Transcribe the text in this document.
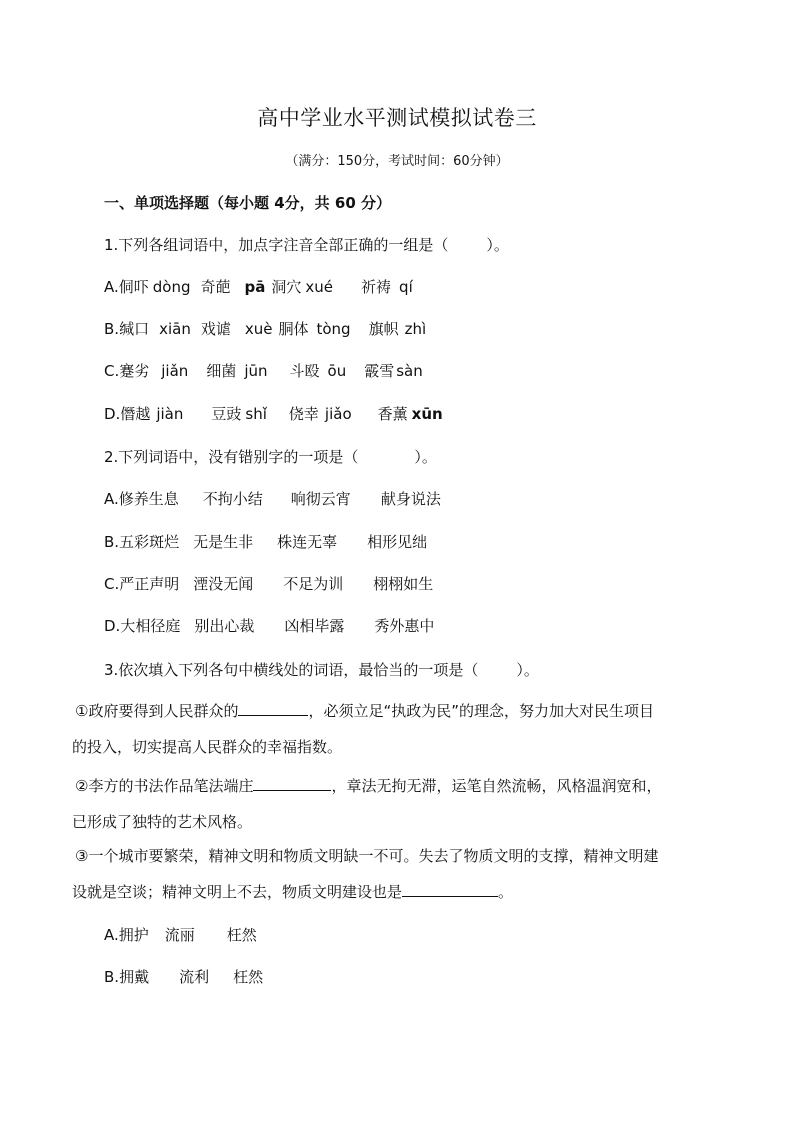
高中学业水平测试模拟试卷三
（满分：150分，考试时间：60分钟）
一、单项选择题（每小题 4分，共 60 分）
1.下列各组词语中，加点字注音全部正确的一组是（	）。
A.侗吓 dòng 奇葩 pā 洞穴 xué 祈祷 qí
B.缄口 xiān 戏谑 xuè 胴体 tòng 旗帜 zhì
C.蹇劣 jiǎn 细菌 jūn 斗殴 ōu 霰雪 sàn
D.僭越 jiàn 豆豉 shǐ 侥幸 jiǎo 香薰 xūn
2.下列词语中，没有错别字的一项是（	）。
A.修养生息 不拘小结 响彻云宵 献身说法
B.五彩斑烂 无是生非 株连无辜 相形见绌
C.严正声明 湮没无闻 不足为训 栩栩如生
D.大相径庭 别出心裁 凶相毕露 秀外惠中
3.依次填入下列各句中横线处的词语，最恰当的一项是（	）。
①政府要得到人民群众的	，必须立足“执政为民”的理念，努力加大对民生项目
的投入，切实提高人民群众的幸福指数。
②李方的书法作品笔法端庄	，章法无拘无滞，运笔自然流畅，风格温润宽和，
已形成了独特的艺术风格。
③一个城市要繁荣，精神文明和物质文明缺一不可。失去了物质文明的支撑，精神文明建
设就是空谈；精神文明上不去，物质文明建设也是	。
A.拥护 流丽 枉然
B.拥戴 流利 枉然
